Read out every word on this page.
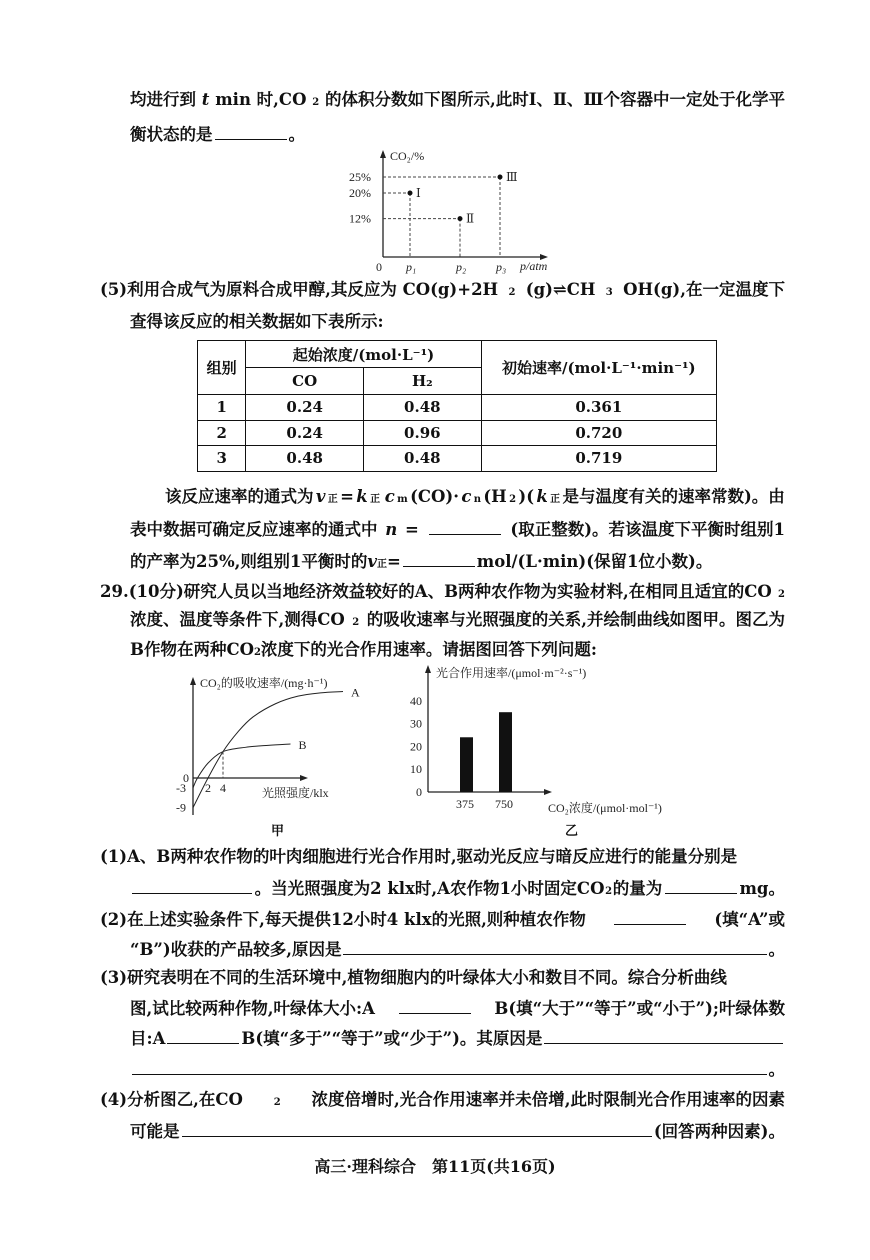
均进行到 t min 时,CO 2 的体积分数如下图所示,此时Ⅰ、Ⅱ、Ⅲ个容器中一定处于化学平
衡状态的是	。
(5)利用合成气为原料合成甲醇,其反应为 CO(g)+2H 2 (g)⇌CH 3 OH(g),在一定温度下
查得该反应的相关数据如下表所示:
该反应速率的通式为 v 正 = k 正 c m (CO)· c n (H 2 )( k 正 是与温度有关的速率常数)。由
表中数据可确定反应速率的通式中 n =	(取正整数)。若该温度下平衡时组别1
的产率为25%,则组别1平衡时的 v 正 =	mol/(L·min)(保留1位小数)。
29.(10分)研究人员以当地经济效益较好的A、B两种农作物为实验材料,在相同且适宜的CO 2
浓度、温度等条件下,测得CO 2 的吸收速率与光照强度的关系,并绘制曲线如图甲。图乙为
B作物在两种CO 2 浓度下的光合作用速率。请据图回答下列问题:
(1)A、B两种农作物的叶肉细胞进行光合作用时,驱动光反应与暗反应进行的能量分别是
。当光照强度为2 klx时,A农作物1小时固定CO 2 的量为	mg。
(2)在上述实验条件下,每天提供12小时4 klx的光照,则种植农作物	(填“A”或
“B”)收获的产品较多,原因是	。
(3)研究表明在不同的生活环境中,植物细胞内的叶绿体大小和数目不同。综合分析曲线
图,试比较两种作物,叶绿体大小:A	B(填“大于”“等于”或“小于”);叶绿体数
目:A	B(填“多于”“等于”或“少于”)。其原因是
。
(4)分析图乙,在CO	2 浓度倍增时,光合作用速率并未倍增,此时限制光合作用速率的因素
可能是	(回答两种因素)。
组别	起始浓度/(mol·L⁻¹)		初始速率/(mol·L⁻¹·min⁻¹)
	CO	H₂	
1	0.24	0.48	0.361
2	0.24	0.96	0.720
3	0.48	0.48	0.719
CO₂/%
p/atm
0 p₁	p₂ p₃
Ⅰ
Ⅱ
Ⅲ
12%
20%
25%
CO₂的吸收速率/(mg·h⁻¹)
光照强度/klx
2 4
0
-3
-9
A
B
光合作用速率/(μmol·m⁻²·s⁻¹)
CO₂浓度/(μmol·mol⁻¹)
0
10
20
30
40
375 750
甲	乙
高三·理科综合　第11页(共16页)
